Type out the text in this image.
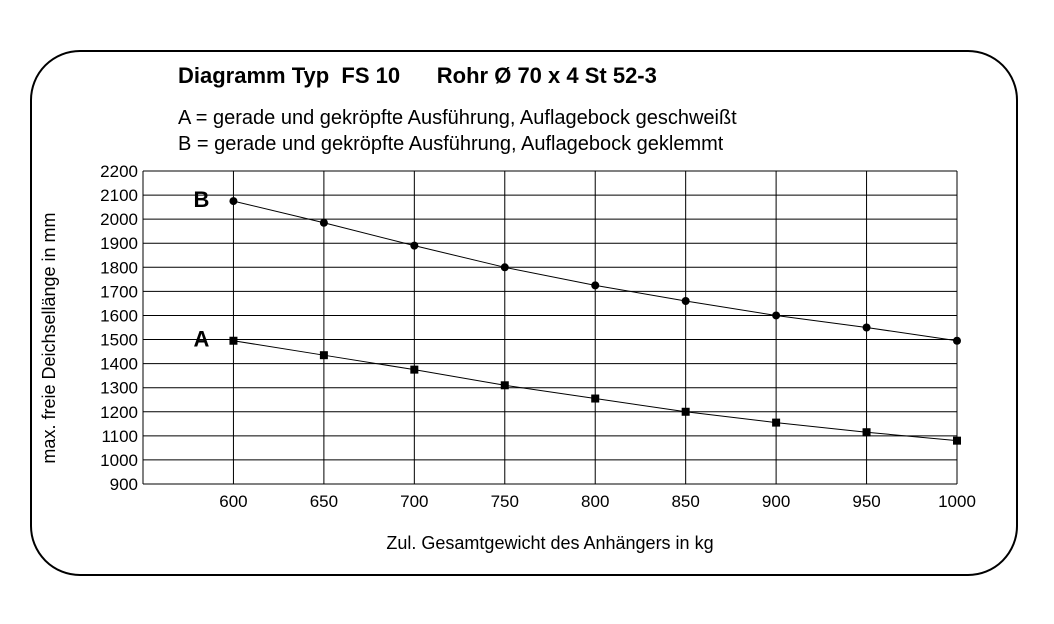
Diagramm Typ  FS 10      Rohr Ø 70 x 4 St 52-3
A = gerade und gekröpfte Ausführung, Auflagebock geschweißt
B = gerade und gekröpfte Ausführung, Auflagebock geklemmt
900
1000
1100
1200
1300
1400
1500
1600
1700
1800
1900
2000
2100
2200
600	650	700	750	800	850	900	950	1000
B
A
max. freie Deichsellänge in mm
Zul. Gesamtgewicht des Anhängers in kg
